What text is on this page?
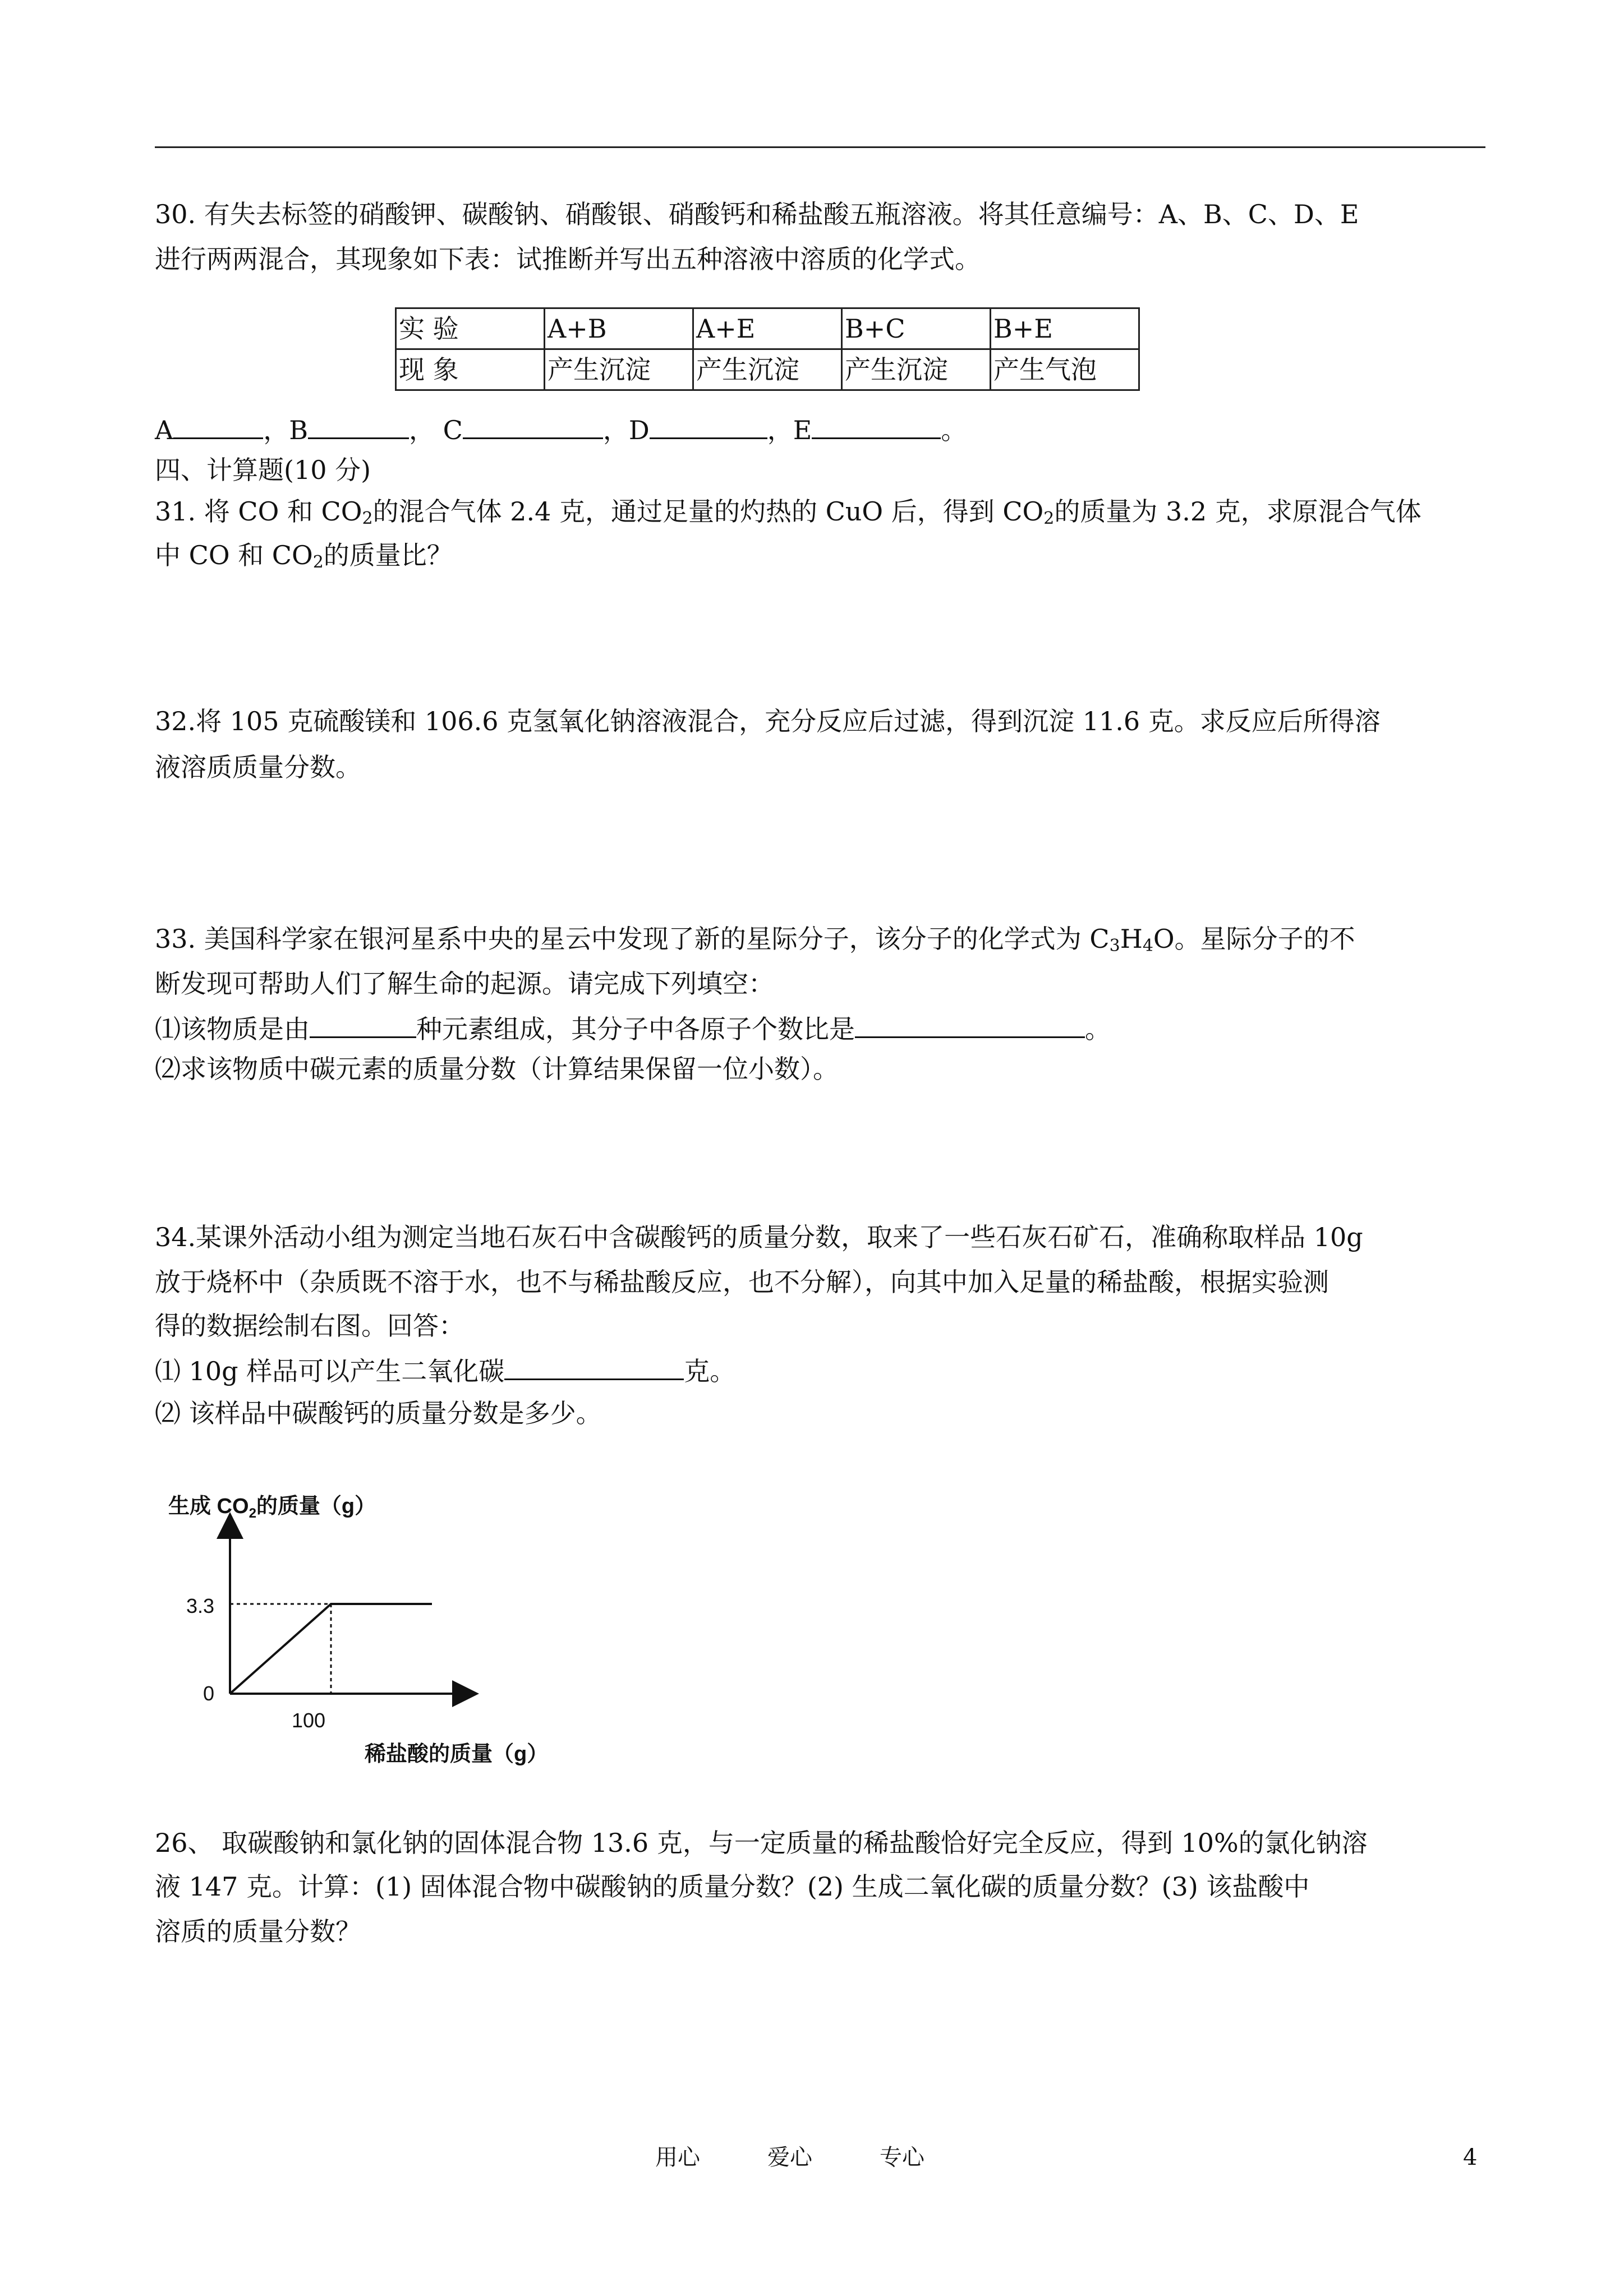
30. 有失去标签的硝酸钾、碳酸钠、硝酸银、硝酸钙和稀盐酸五瓶溶液。将其任意编号：A、B、C、D、E
进行两两混合，其现象如下表：试推断并写出五种溶液中溶质的化学式。
实 验	A+B	A+E	B+C	B+E
现 象	产生沉淀	产生沉淀	产生沉淀	产生气泡
A	，B	， C	，D	，E	。
四、计算题(10 分)
31. 将 CO 和 $CO_2$的混合气体 2.4 克，通过足量的灼热的 CuO 后，得到 $CO_2$的质量为 3.2 克，求原混合气体
中 CO 和 $CO_2$的质量比？
32.将 105 克硫酸镁和 106.6 克氢氧化钠溶液混合，充分反应后过滤，得到沉淀 11.6 克。求反应后所得溶
液溶质质量分数。
33. 美国科学家在银河星系中央的星云中发现了新的星际分子，该分子的化学式为 $C_3H_4O$。星际分子的不
断发现可帮助人们了解生命的起源。请完成下列填空：
⑴该物质是由	种元素组成，其分子中各原子个数比是	。
⑵求该物质中碳元素的质量分数（计算结果保留一位小数）。
34.某课外活动小组为测定当地石灰石中含碳酸钙的质量分数，取来了一些石灰石矿石，准确称取样品 10g
放于烧杯中（杂质既不溶于水，也不与稀盐酸反应，也不分解），向其中加入足量的稀盐酸，根据实验测
得的数据绘制右图。回答：
⑴ 10g 样品可以产生二氧化碳	克。
⑵ 该样品中碳酸钙的质量分数是多少。
生成 $CO_2$的质量（g）
0
100
3.3
稀盐酸的质量（g）
26、 取碳酸钠和氯化钠的固体混合物 13.6 克，与一定质量的稀盐酸恰好完全反应，得到 10%的氯化钠溶
液 147 克。计算：(1) 固体混合物中碳酸钠的质量分数？(2) 生成二氧化碳的质量分数？(3) 该盐酸中
溶质的质量分数？
用心	爱心	专心	4
